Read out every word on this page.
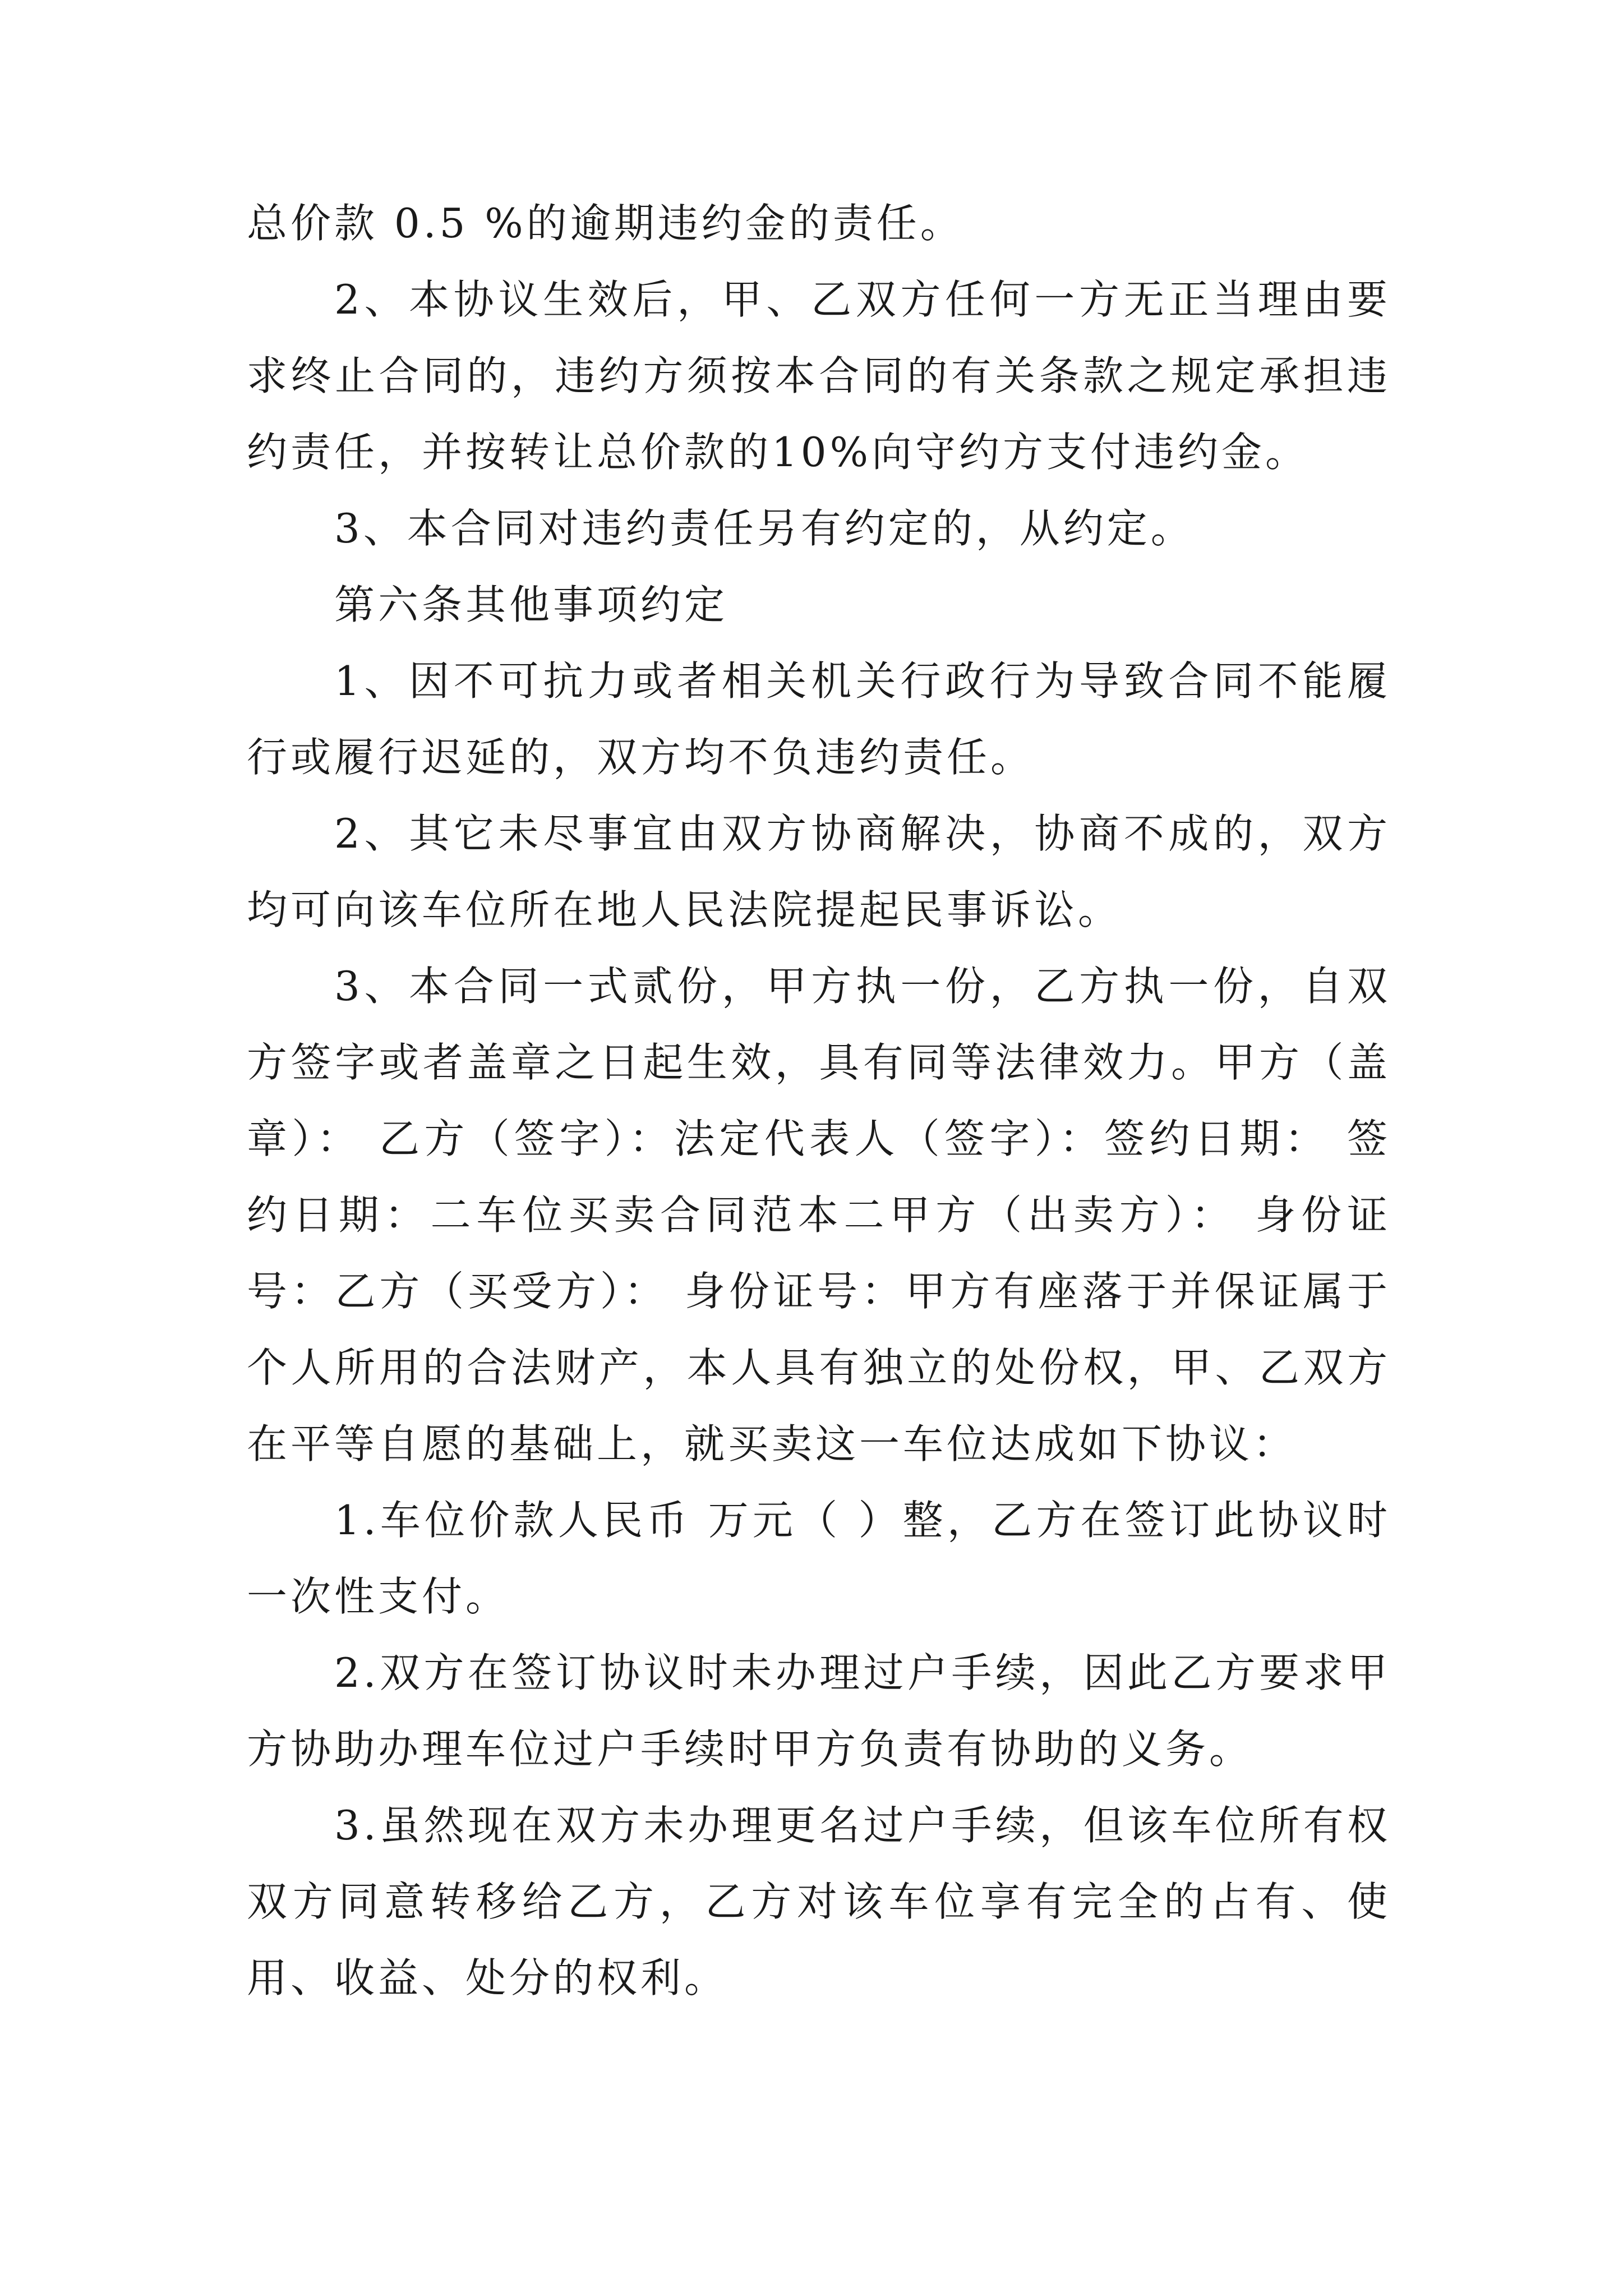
总价款 0.5 %的逾期违约金的责任。

2、本协议生效后，甲、乙双方任何一方无正当理由要求终止合同的，违约方须按本合同的有关条款之规定承担违约责任，并按转让总价款的10%向守约方支付违约金。

3、本合同对违约责任另有约定的，从约定。

第六条其他事项约定

1、因不可抗力或者相关机关行政行为导致合同不能履行或履行迟延的，双方均不负违约责任。

2、其它未尽事宜由双方协商解决，协商不成的，双方均可向该车位所在地人民法院提起民事诉讼。

3、本合同一式贰份，甲方执一份，乙方执一份，自双方签字或者盖章之日起生效，具有同等法律效力。甲方（盖章）： 乙方（签字）：法定代表人（签字）：签约日期： 签约日期：二车位买卖合同范本二甲方（出卖方）： 身份证号：乙方（买受方）： 身份证号：甲方有座落于并保证属于个人所用的合法财产，本人具有独立的处份权，甲、乙双方在平等自愿的基础上，就买卖这一车位达成如下协议：

1.车位价款人民币 万元（ ）整，乙方在签订此协议时一次性支付。

2.双方在签订协议时未办理过户手续，因此乙方要求甲方协助办理车位过户手续时甲方负责有协助的义务。

3.虽然现在双方未办理更名过户手续，但该车位所有权双方同意转移给乙方，乙方对该车位享有完全的占有、使用、收益、处分的权利。
